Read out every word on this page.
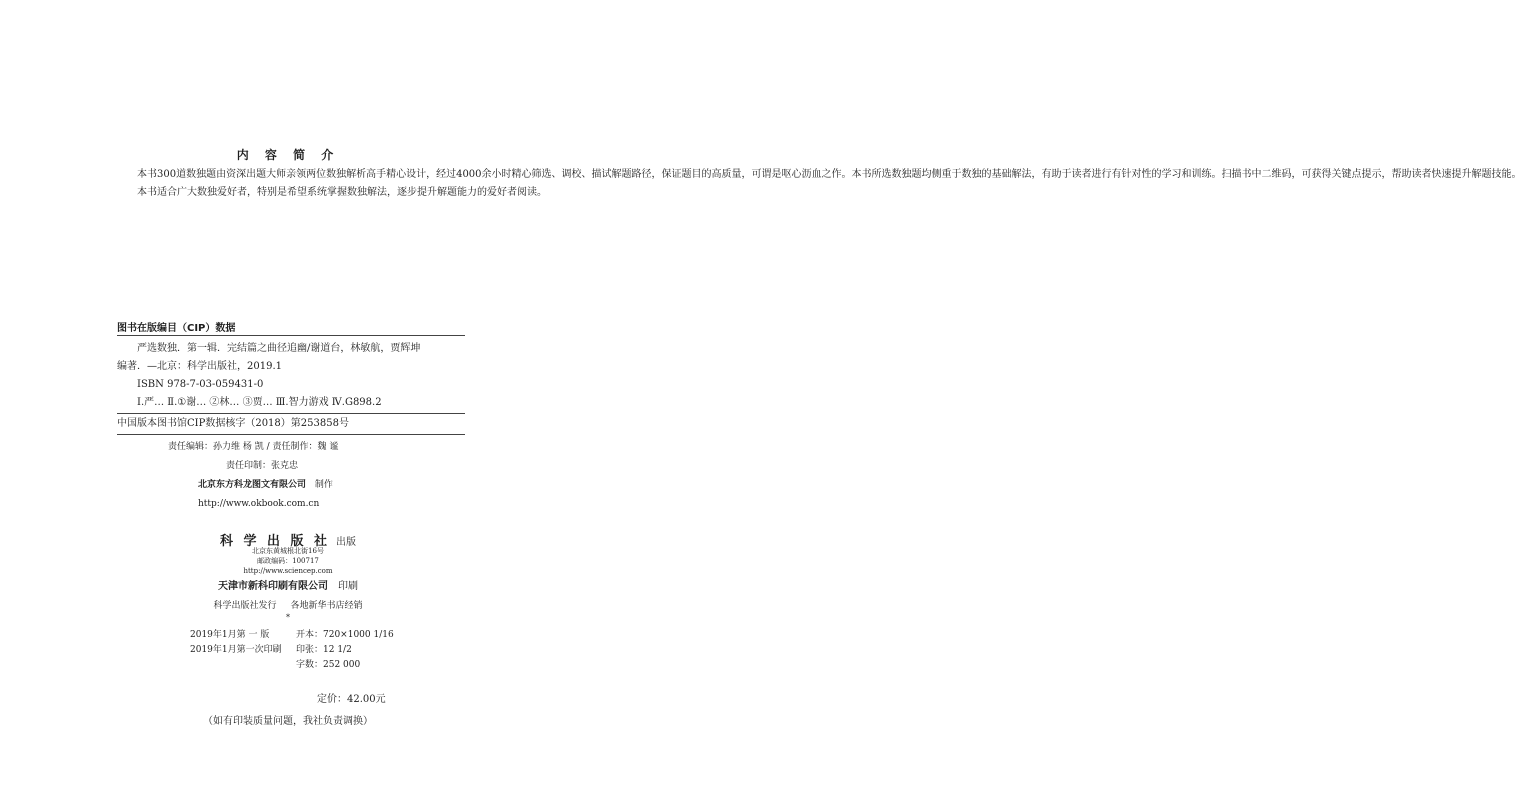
内 容 简 介

本书300道数独题由资深出题大师亲领两位数独解析高手精心设计，经过4000余小时精心筛选、调校、描试解题路径，保证题目的高质量，可谓是呕心沥血之作。本书所选数独题均侧重于数独的基础解法，有助于读者进行有针对性的学习和训练。扫描书中二维码，可获得关键点提示，帮助读者快速提升解题技能。

本书适合广大数独爱好者，特别是希望系统掌握数独解法，逐步提升解题能力的爱好者阅读。

图书在版编目（CIP）数据
严选数独．第一辑．完结篇之曲径追幽/谢道台，林敏航，贾辉坤
编著．—北京：科学出版社，2019.1
ISBN 978-7-03-059431-0
Ⅰ.严… Ⅱ.①谢… ②林… ③贾… Ⅲ.智力游戏 Ⅳ.G898.2
中国版本图书馆CIP数据核字（2018）第253858号
责任编辑：孙力维 杨 凯 / 责任制作：魏 谧
责任印制：张克忠
北京东方科龙图文有限公司 制作
http://www.okbook.com.cn
科 学 出 版 社 出版
北京东黄城根北街16号
邮政编码：100717
http://www.sciencep.com
天津市新科印刷有限公司 印刷
科学出版社发行 各地新华书店经销
*
2019年1月第 一 版	开本：720×1000 1/16
2019年1月第一次印刷 印张：12 1/2
字数：252 000
定价：42.00元
（如有印装质量问题，我社负责调换）
